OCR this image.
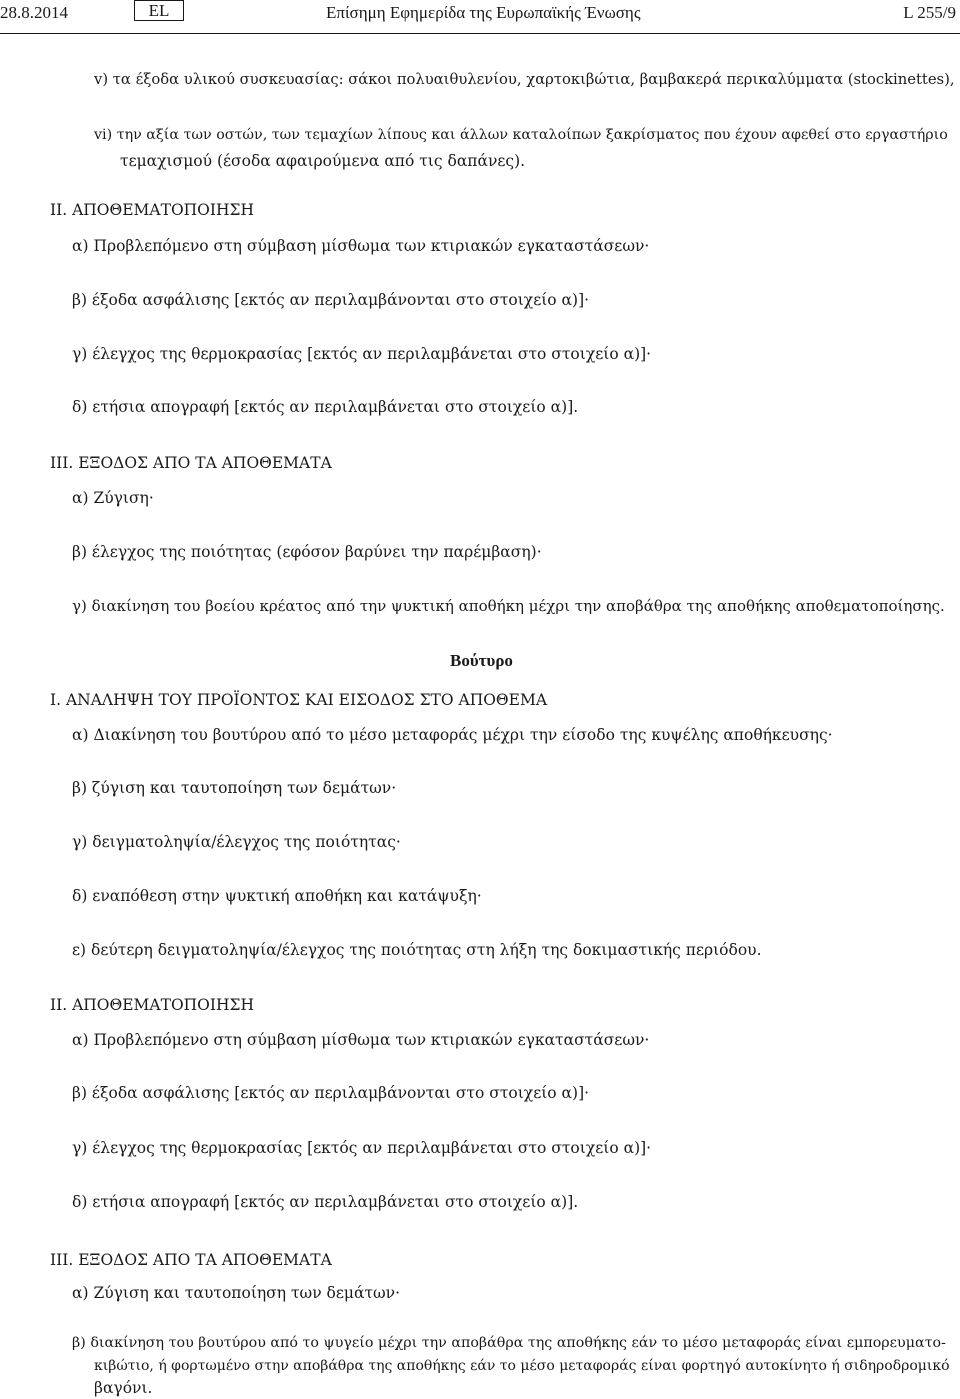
28.8.2014	EL	Επίσημη Εφημερίδα της Ευρωπαϊκής Ένωσης	L 255/9
v) τα έξοδα υλικού συσκευασίας: σάκοι πολυαιθυλενίου, χαρτοκιβώτια, βαμβακερά περικαλύμματα (stockinettes),
vi) την αξία των οστών, των τεμαχίων λίπους και άλλων καταλοίπων ξακρίσματος που έχουν αφεθεί στο εργαστήριο
τεμαχισμού (έσοδα αφαιρούμενα από τις δαπάνες).
II. ΑΠΟΘΕΜΑΤΟΠΟΙΗΣΗ
α) Προβλεπόμενο στη σύμβαση μίσθωμα των κτιριακών εγκαταστάσεων·
β) έξοδα ασφάλισης [εκτός αν περιλαμβάνονται στο στοιχείο α)]·
γ) έλεγχος της θερμοκρασίας [εκτός αν περιλαμβάνεται στο στοιχείο α)]·
δ) ετήσια απογραφή [εκτός αν περιλαμβάνεται στο στοιχείο α)].
III. ΕΞΟΔΟΣ ΑΠΟ ΤΑ ΑΠΟΘΕΜΑΤΑ
α) Ζύγιση·
β) έλεγχος της ποιότητας (εφόσον βαρύνει την παρέμβαση)·
γ) διακίνηση του βοείου κρέατος από την ψυκτική αποθήκη μέχρι την αποβάθρα της αποθήκης αποθεματοποίησης.
Βούτυρο
I. ΑΝΑΛΗΨΗ ΤΟΥ ΠΡΟΪΟΝΤΟΣ ΚΑΙ ΕΙΣΟΔΟΣ ΣΤΟ ΑΠΟΘΕΜΑ
α) Διακίνηση του βουτύρου από το μέσο μεταφοράς μέχρι την είσοδο της κυψέλης αποθήκευσης·
β) ζύγιση και ταυτοποίηση των δεμάτων·
γ) δειγματοληψία/έλεγχος της ποιότητας·
δ) εναπόθεση στην ψυκτική αποθήκη και κατάψυξη·
ε) δεύτερη δειγματοληψία/έλεγχος της ποιότητας στη λήξη της δοκιμαστικής περιόδου.
II. ΑΠΟΘΕΜΑΤΟΠΟΙΗΣΗ
α) Προβλεπόμενο στη σύμβαση μίσθωμα των κτιριακών εγκαταστάσεων·
β) έξοδα ασφάλισης [εκτός αν περιλαμβάνονται στο στοιχείο α)]·
γ) έλεγχος της θερμοκρασίας [εκτός αν περιλαμβάνεται στο στοιχείο α)]·
δ) ετήσια απογραφή [εκτός αν περιλαμβάνεται στο στοιχείο α)].
III. ΕΞΟΔΟΣ ΑΠΟ ΤΑ ΑΠΟΘΕΜΑΤΑ
α) Ζύγιση και ταυτοποίηση των δεμάτων·
β) διακίνηση του βουτύρου από το ψυγείο μέχρι την αποβάθρα της αποθήκης εάν το μέσο μεταφοράς είναι εμπορευματο-
κιβώτιο, ή φορτωμένο στην αποβάθρα της αποθήκης εάν το μέσο μεταφοράς είναι φορτηγό αυτοκίνητο ή σιδηροδρομικό
βαγόνι.
